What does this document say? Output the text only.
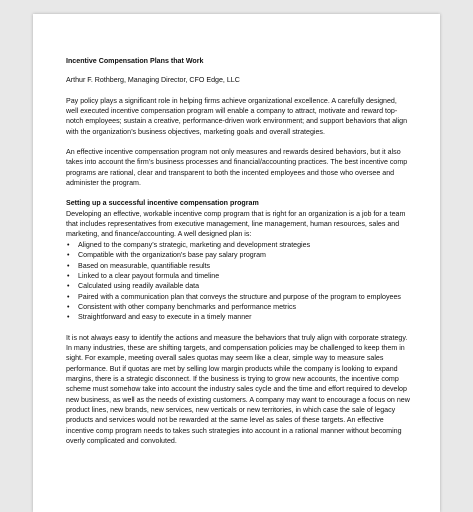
Incentive Compensation Plans that Work
Arthur F. Rothberg, Managing Director, CFO Edge, LLC
Pay policy plays a significant role in helping firms achieve organizational excellence. A carefully designed, well executed incentive compensation program will enable a company to attract, motivate and reward top-notch employees; sustain a creative, performance-driven work environment; and support behaviors that align with the organization’s business objectives, marketing goals and overall strategies.
An effective incentive compensation program not only measures and rewards desired behaviors, but it also takes into account the firm’s business processes and financial/accounting practices. The best incentive comp programs are rational, clear and transparent to both the incented employees and those who oversee and administer the program.
Setting up a successful incentive compensation program
Developing an effective, workable incentive comp program that is right for an organization is a job for a team that includes representatives from executive management, line management, human resources, sales and marketing, and finance/accounting. A well designed plan is:
• Aligned to the company’s strategic, marketing and development strategies
• Compatible with the organization’s base pay salary program
• Based on measurable, quantifiable results
• Linked to a clear payout formula and timeline
• Calculated using readily available data
• Paired with a communication plan that conveys the structure and purpose of the program to employees
• Consistent with other company benchmarks and performance metrics
• Straightforward and easy to execute in a timely manner
It is not always easy to identify the actions and measure the behaviors that truly align with corporate strategy. In many industries, these are shifting targets, and compensation policies may be challenged to keep them in sight. For example, meeting overall sales quotas may seem like a clear, simple way to measure sales performance. But if quotas are met by selling low margin products while the company is looking to expand margins, there is a strategic disconnect. If the business is trying to grow new accounts, the incentive comp scheme must somehow take into account the industry sales cycle and the time and effort required to develop new business, as well as the needs of existing customers. A company may want to encourage a focus on new product lines, new brands, new services, new verticals or new territories, in which case the sale of legacy products and services would not be rewarded at the same level as sales of these targets. An effective incentive comp program needs to takes such strategies into account in a rational manner without becoming overly complicated and convoluted.
